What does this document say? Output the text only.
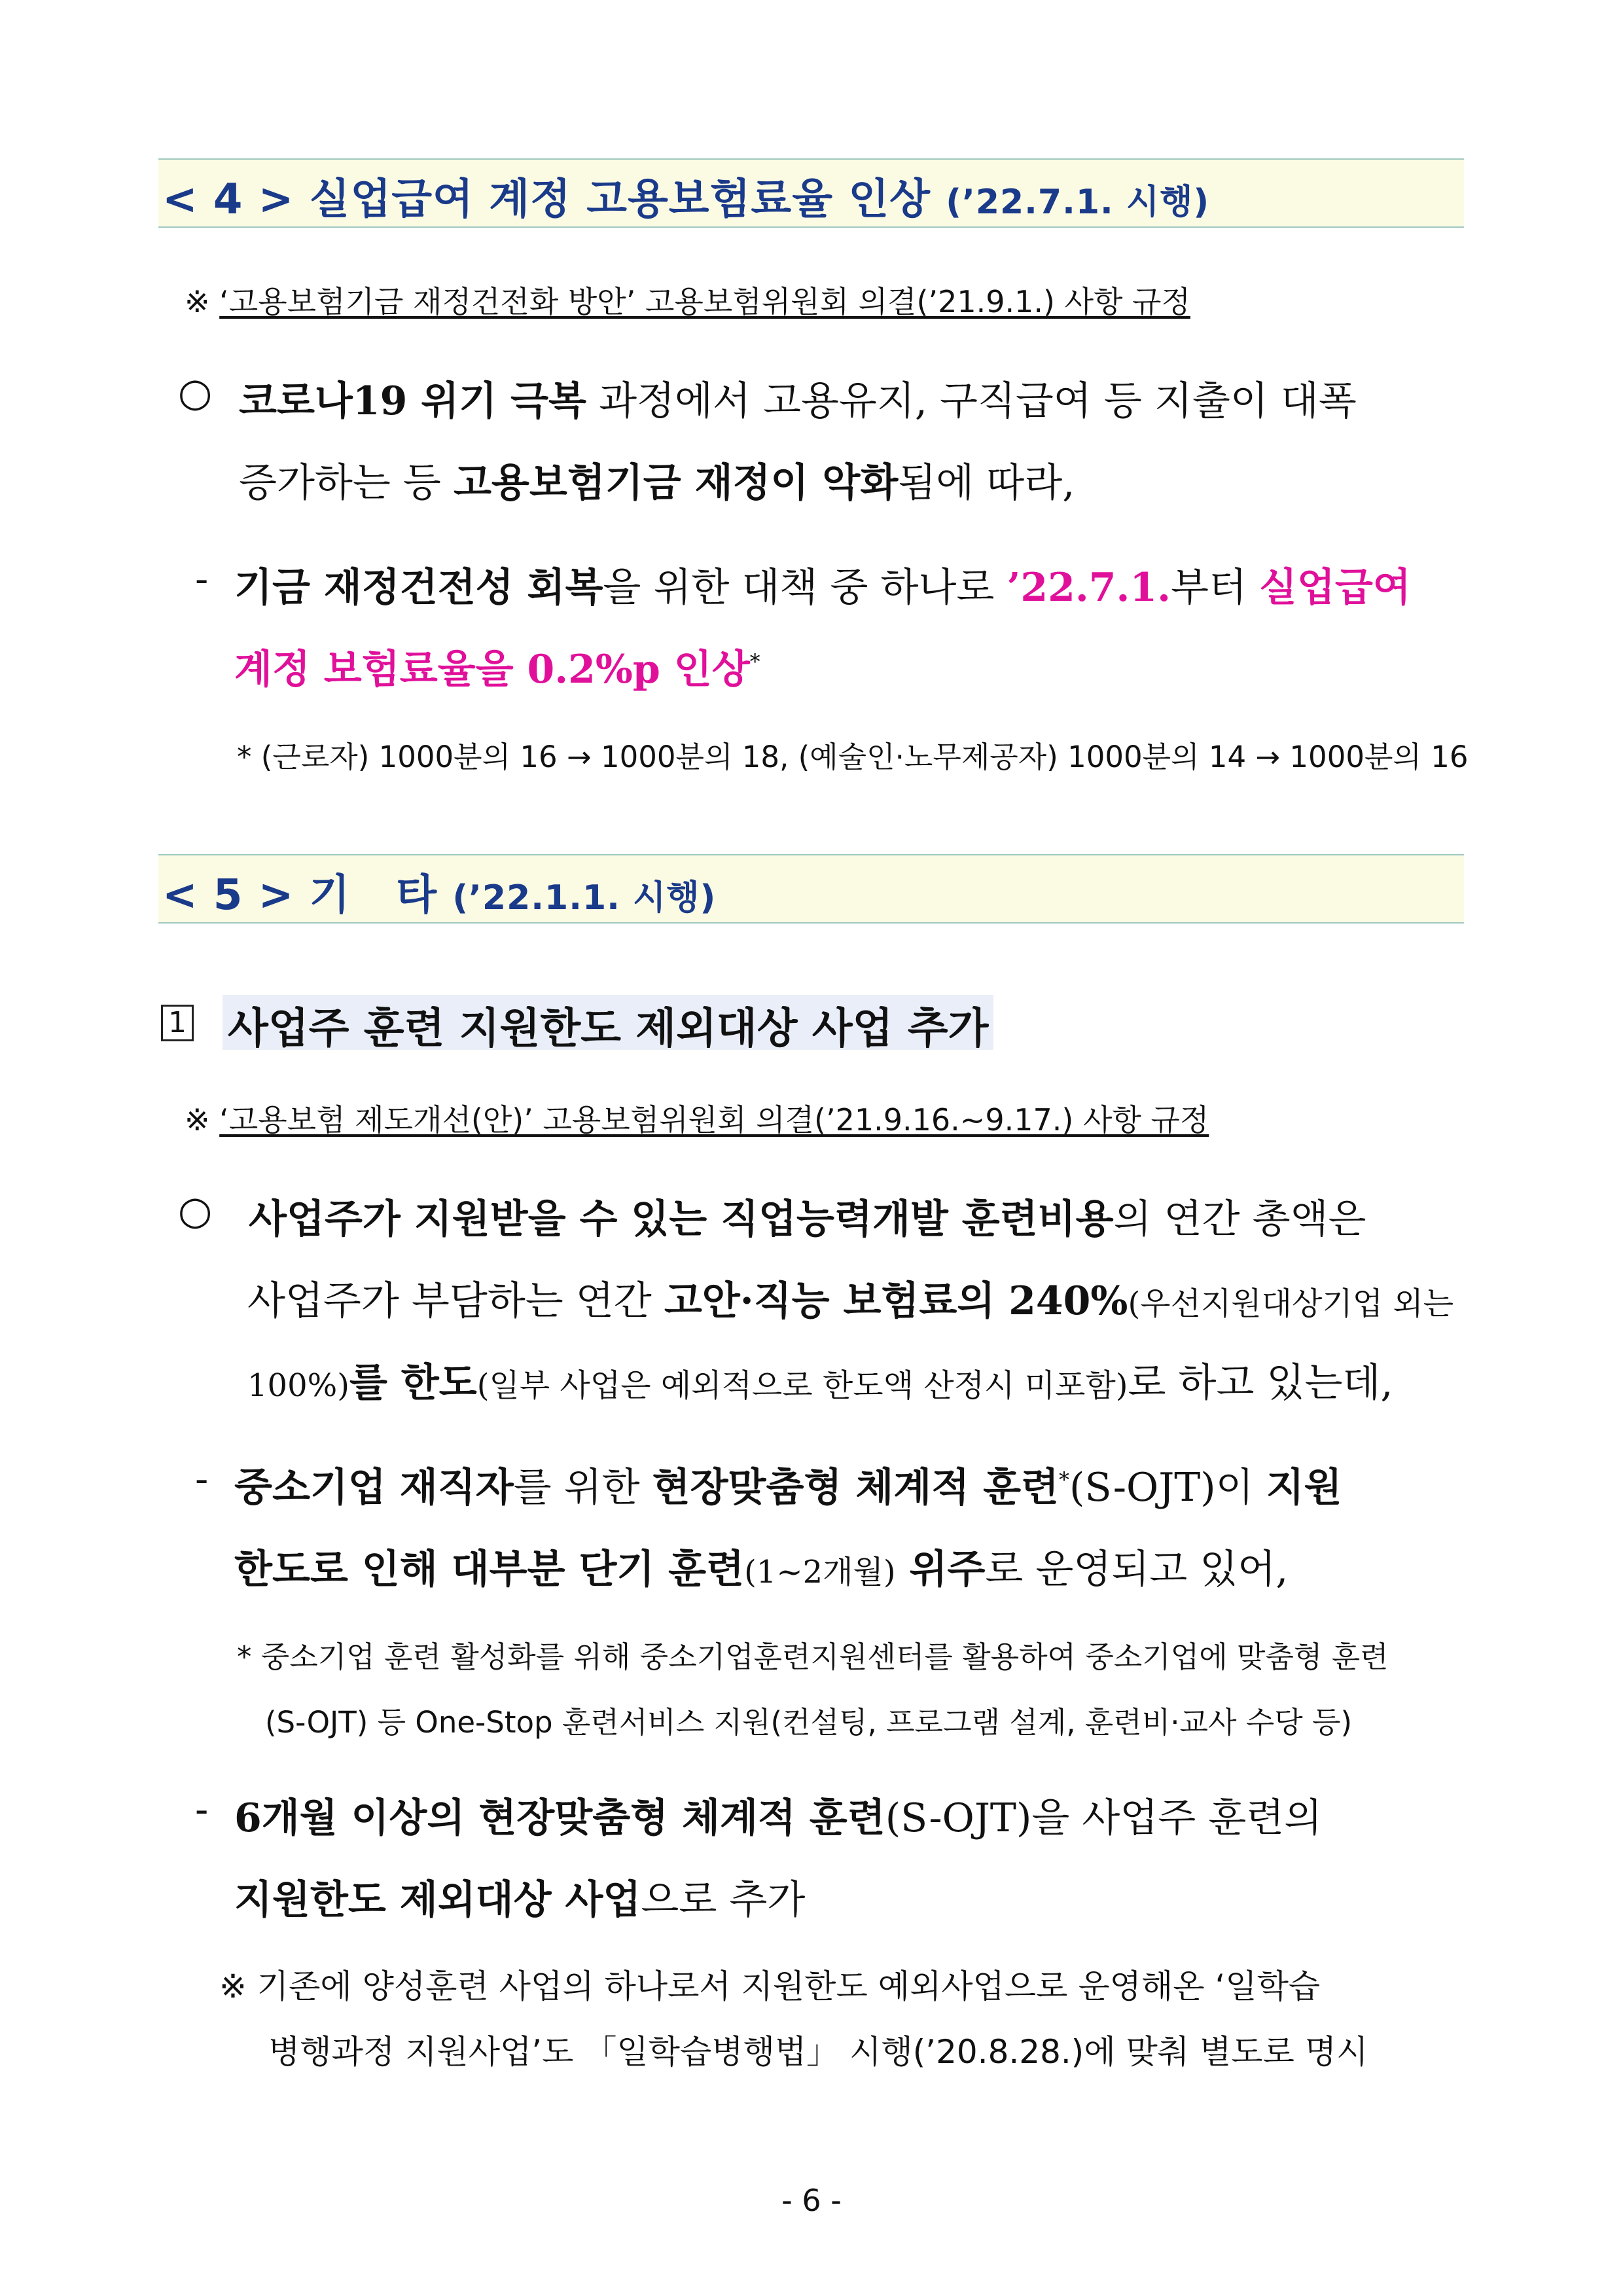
< 4 > 실업급여 계정 고용보험료율 인상 (’22.7.1. 시행)
※ ‘고용보험기금 재정건전화 방안’ 고용보험위원회 의결(’21.9.1.) 사항 규정
○ 코로나19 위기 극복 과정에서 고용유지, 구직급여 등 지출이 대폭
증가하는 등 고용보험기금 재정이 악화됨에 따라,
- 기금 재정건전성 회복을 위한 대책 중 하나로 ’22.7.1.부터 실업급여
계정 보험료율을 0.2%p 인상*
* (근로자) 1000분의 16 → 1000분의 18, (예술인·노무제공자) 1000분의 14 → 1000분의 16
< 5 > 기   타 (’22.1.1. 시행)
1 사업주 훈련 지원한도 제외대상 사업 추가
※ ‘고용보험 제도개선(안)’ 고용보험위원회 의결(’21.9.16.~9.17.) 사항 규정
○ 사업주가 지원받을 수 있는 직업능력개발 훈련비용의 연간 총액은
사업주가 부담하는 연간 고안·직능 보험료의 240%(우선지원대상기업 외는
100%)를 한도(일부 사업은 예외적으로 한도액 산정시 미포함)로 하고 있는데,
- 중소기업 재직자를 위한 현장맞춤형 체계적 훈련*(S-OJT)이 지원
한도로 인해 대부분 단기 훈련(1~2개월) 위주로 운영되고 있어,
* 중소기업 훈련 활성화를 위해 중소기업훈련지원센터를 활용하여 중소기업에 맞춤형 훈련
(S-OJT) 등 One-Stop 훈련서비스 지원(컨설팅, 프로그램 설계, 훈련비·교사 수당 등)
- 6개월 이상의 현장맞춤형 체계적 훈련(S-OJT)을 사업주 훈련의
지원한도 제외대상 사업으로 추가
※ 기존에 양성훈련 사업의 하나로서 지원한도 예외사업으로 운영해온 ‘일학습
병행과정 지원사업’도 「일학습병행법」 시행(’20.8.28.)에 맞춰 별도로 명시
- 6 -
